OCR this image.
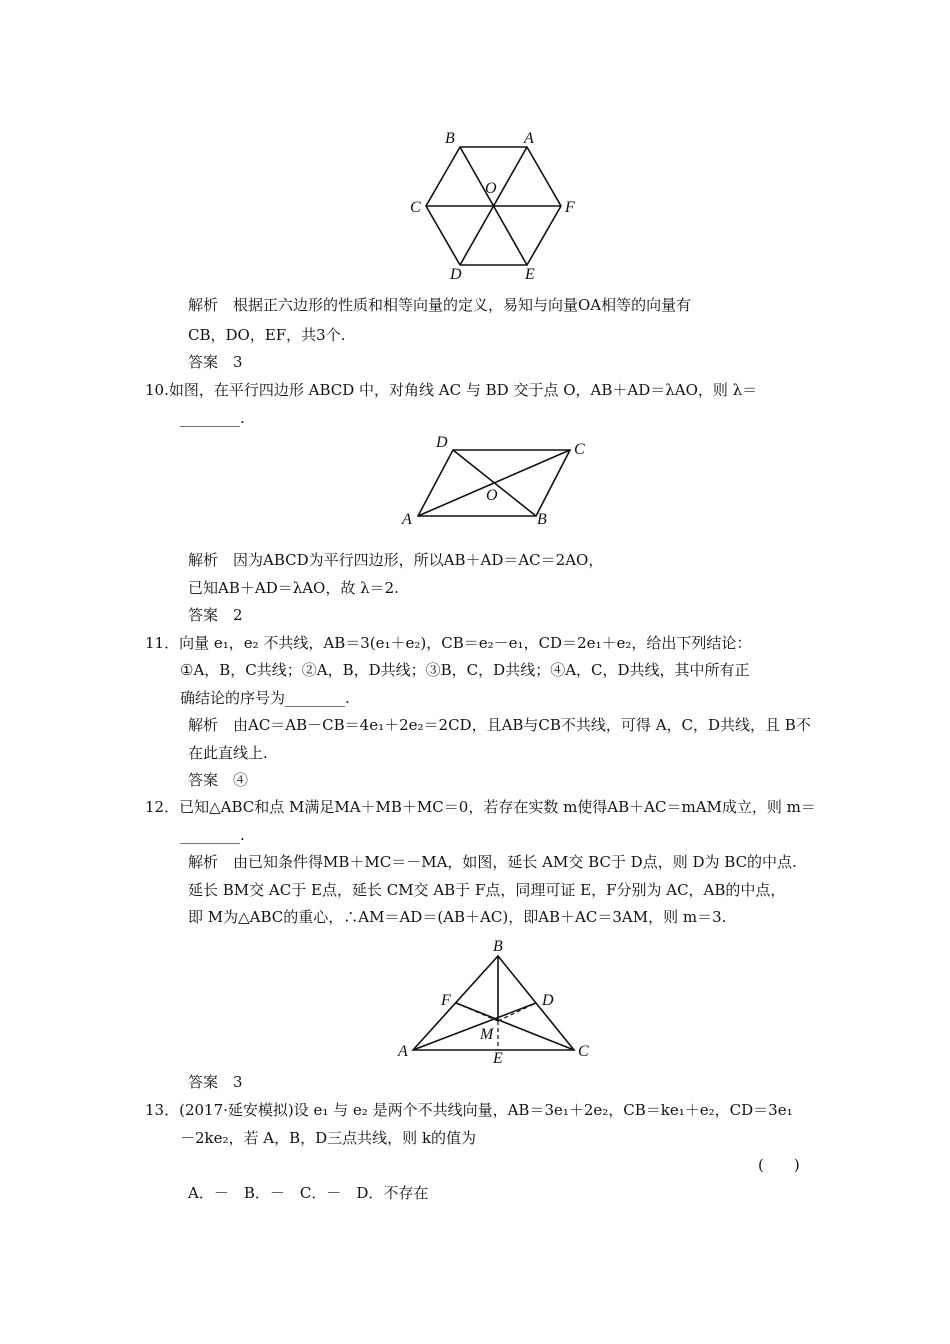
B	A
C	F
O
D	E
解析　根据正六边形的性质和相等向量的定义，易知与向量OA相等的向量有
CB，DO，EF，共3个.
答案　3
10.如图，在平行四边形 ABCD 中，对角线 AC 与 BD 交于点 O，AB＋AD＝λAO，则 λ＝
________.
D	C
O
A	B
解析　因为ABCD为平行四边形，所以AB＋AD＝AC＝2AO，
已知AB＋AD＝λAO，故 λ＝2.
答案　2
11．向量 e₁，e₂ 不共线，AB＝3(e₁＋e₂)，CB＝e₂－e₁，CD＝2e₁＋e₂，给出下列结论：
①A，B，C共线；②A，B，D共线；③B，C，D共线；④A，C，D共线，其中所有正
确结论的序号为________.
解析　由AC＝AB－CB＝4e₁＋2e₂＝2CD，且AB与CB不共线，可得 A，C，D共线，且 B不
在此直线上.
答案　④
12．已知△ABC和点 M满足MA＋MB＋MC＝0，若存在实数 m使得AB＋AC＝mAM成立，则 m＝
________.
解析　由已知条件得MB＋MC＝－MA，如图，延长 AM交 BC于 D点，则 D为 BC的中点.
延长 BM交 AC于 E点，延长 CM交 AB于 F点，同理可证 E，F分别为 AC，AB的中点，
即 M为△ABC的重心，∴AM＝AD＝(AB＋AC)，即AB＋AC＝3AM，则 m＝3.
B
F	D
M
A	C
E
答案　3
13．(2017·延安模拟)设 e₁ 与 e₂ 是两个不共线向量，AB＝3e₁＋2e₂，CB＝ke₁＋e₂，CD＝3e₁
－2ke₂，若 A，B，D三点共线，则 k的值为
(　　)
A．－　B．－　C．－　D．不存在
